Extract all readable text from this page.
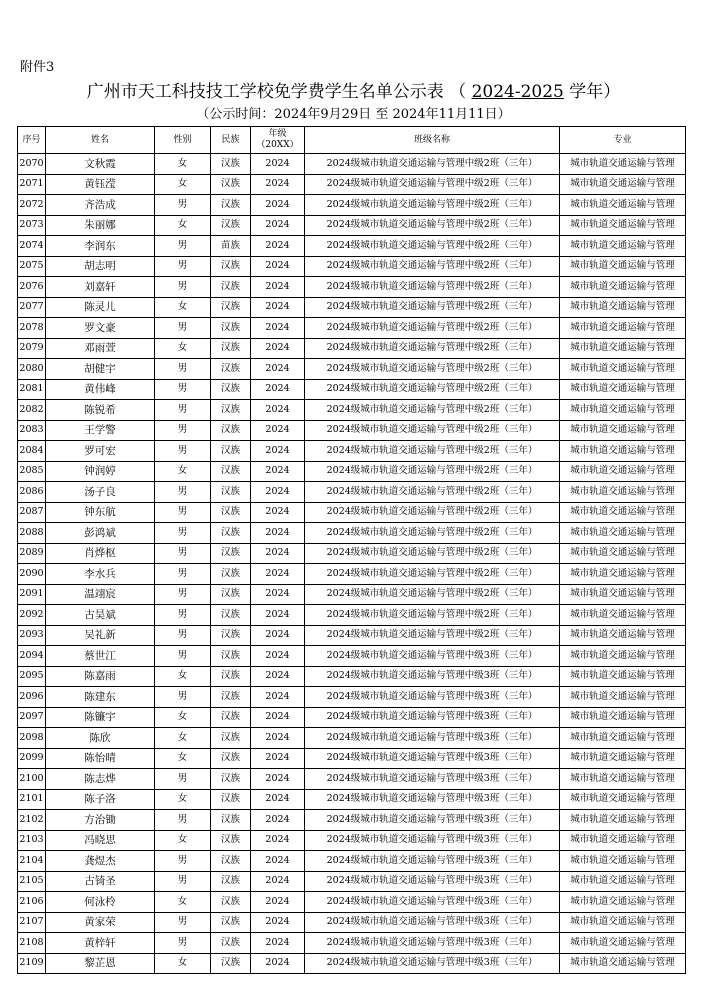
附件3
广州市天工科技技工学校免学费学生名单公示表 （ 2024-2025 学年）
（公示时间：2024年9月29日 至 2024年11月11日）
序号	姓名	性别	民族	年级
（20XX）	班级名称	专业
2070	文秋霞	女	汉族	2024	2024级城市轨道交通运输与管理中级2班（三年）	城市轨道交通运输与管理
2071	黄钰滢	女	汉族	2024	2024级城市轨道交通运输与管理中级2班（三年）	城市轨道交通运输与管理
2072	齐浩成	男	汉族	2024	2024级城市轨道交通运输与管理中级2班（三年）	城市轨道交通运输与管理
2073	朱丽娜	女	汉族	2024	2024级城市轨道交通运输与管理中级2班（三年）	城市轨道交通运输与管理
2074	李润东	男	苗族	2024	2024级城市轨道交通运输与管理中级2班（三年）	城市轨道交通运输与管理
2075	胡志明	男	汉族	2024	2024级城市轨道交通运输与管理中级2班（三年）	城市轨道交通运输与管理
2076	刘嘉轩	男	汉族	2024	2024级城市轨道交通运输与管理中级2班（三年）	城市轨道交通运输与管理
2077	陈灵儿	女	汉族	2024	2024级城市轨道交通运输与管理中级2班（三年）	城市轨道交通运输与管理
2078	罗文豪	男	汉族	2024	2024级城市轨道交通运输与管理中级2班（三年）	城市轨道交通运输与管理
2079	邓雨萱	女	汉族	2024	2024级城市轨道交通运输与管理中级2班（三年）	城市轨道交通运输与管理
2080	胡健宇	男	汉族	2024	2024级城市轨道交通运输与管理中级2班（三年）	城市轨道交通运输与管理
2081	黄伟峰	男	汉族	2024	2024级城市轨道交通运输与管理中级2班（三年）	城市轨道交通运输与管理
2082	陈锐希	男	汉族	2024	2024级城市轨道交通运输与管理中级2班（三年）	城市轨道交通运输与管理
2083	王学警	男	汉族	2024	2024级城市轨道交通运输与管理中级2班（三年）	城市轨道交通运输与管理
2084	罗可宏	男	汉族	2024	2024级城市轨道交通运输与管理中级2班（三年）	城市轨道交通运输与管理
2085	钟润婷	女	汉族	2024	2024级城市轨道交通运输与管理中级2班（三年）	城市轨道交通运输与管理
2086	汤子良	男	汉族	2024	2024级城市轨道交通运输与管理中级2班（三年）	城市轨道交通运输与管理
2087	钟东航	男	汉族	2024	2024级城市轨道交通运输与管理中级2班（三年）	城市轨道交通运输与管理
2088	彭鸿斌	男	汉族	2024	2024级城市轨道交通运输与管理中级2班（三年）	城市轨道交通运输与管理
2089	肖烨枢	男	汉族	2024	2024级城市轨道交通运输与管理中级2班（三年）	城市轨道交通运输与管理
2090	李水兵	男	汉族	2024	2024级城市轨道交通运输与管理中级2班（三年）	城市轨道交通运输与管理
2091	温翊宸	男	汉族	2024	2024级城市轨道交通运输与管理中级2班（三年）	城市轨道交通运输与管理
2092	古昊斌	男	汉族	2024	2024级城市轨道交通运输与管理中级2班（三年）	城市轨道交通运输与管理
2093	吴礼新	男	汉族	2024	2024级城市轨道交通运输与管理中级2班（三年）	城市轨道交通运输与管理
2094	蔡世江	男	汉族	2024	2024级城市轨道交通运输与管理中级3班（三年）	城市轨道交通运输与管理
2095	陈嘉雨	女	汉族	2024	2024级城市轨道交通运输与管理中级3班（三年）	城市轨道交通运输与管理
2096	陈建东	男	汉族	2024	2024级城市轨道交通运输与管理中级3班（三年）	城市轨道交通运输与管理
2097	陈镰宇	女	汉族	2024	2024级城市轨道交通运输与管理中级3班（三年）	城市轨道交通运输与管理
2098	陈欣	女	汉族	2024	2024级城市轨道交通运输与管理中级3班（三年）	城市轨道交通运输与管理
2099	陈怡晴	女	汉族	2024	2024级城市轨道交通运输与管理中级3班（三年）	城市轨道交通运输与管理
2100	陈志烨	男	汉族	2024	2024级城市轨道交通运输与管理中级3班（三年）	城市轨道交通运输与管理
2101	陈子洛	女	汉族	2024	2024级城市轨道交通运输与管理中级3班（三年）	城市轨道交通运输与管理
2102	方治锄	男	汉族	2024	2024级城市轨道交通运输与管理中级3班（三年）	城市轨道交通运输与管理
2103	冯晓思	女	汉族	2024	2024级城市轨道交通运输与管理中级3班（三年）	城市轨道交通运输与管理
2104	龚煜杰	男	汉族	2024	2024级城市轨道交通运输与管理中级3班（三年）	城市轨道交通运输与管理
2105	古锜圣	男	汉族	2024	2024级城市轨道交通运输与管理中级3班（三年）	城市轨道交通运输与管理
2106	何泳柃	女	汉族	2024	2024级城市轨道交通运输与管理中级3班（三年）	城市轨道交通运输与管理
2107	黄家荣	男	汉族	2024	2024级城市轨道交通运输与管理中级3班（三年）	城市轨道交通运输与管理
2108	黄梓轩	男	汉族	2024	2024级城市轨道交通运输与管理中级3班（三年）	城市轨道交通运输与管理
2109	黎芷恩	女	汉族	2024	2024级城市轨道交通运输与管理中级3班（三年）	城市轨道交通运输与管理
